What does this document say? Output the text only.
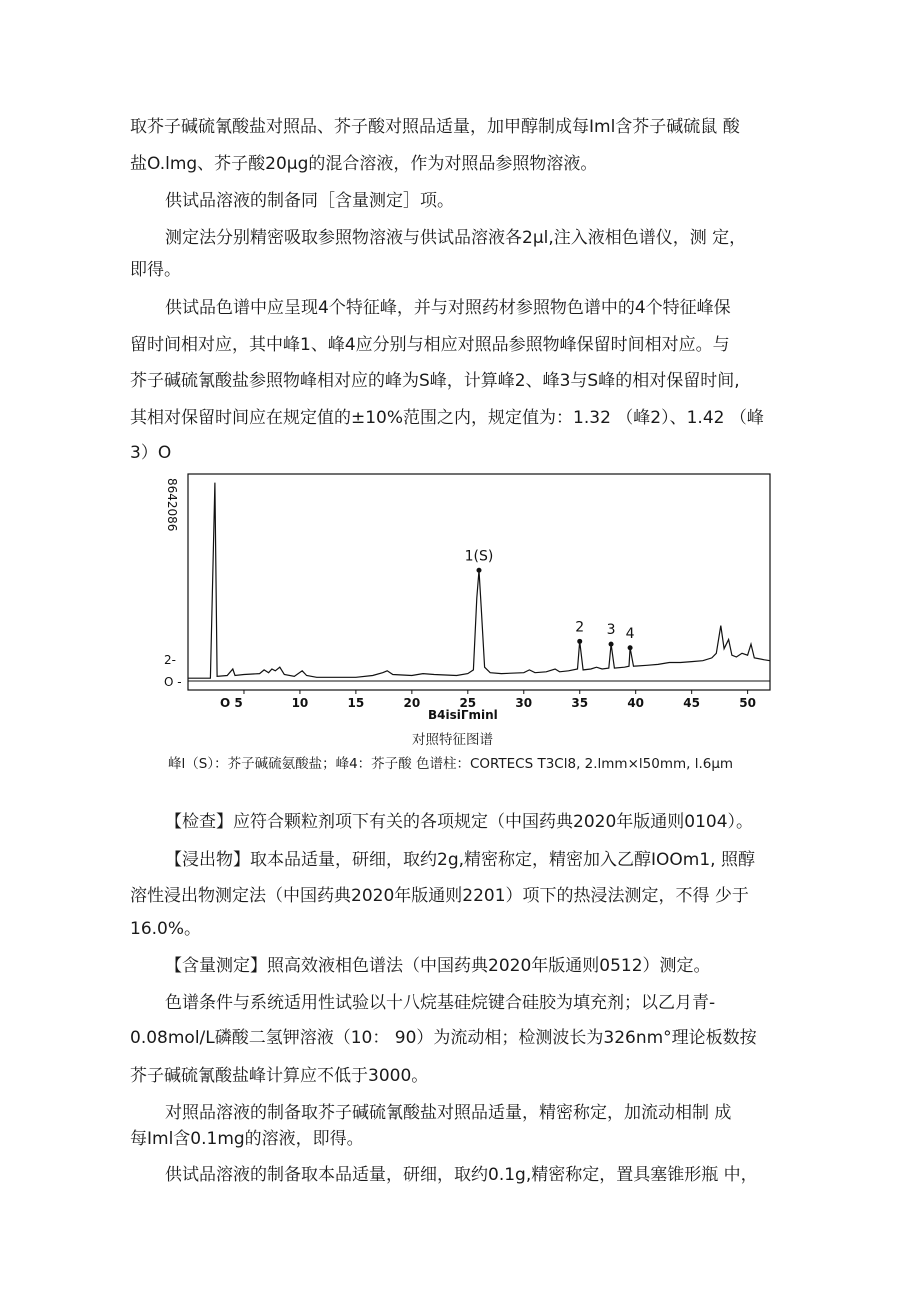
取芥子碱硫氰酸盐对照品、芥子酸对照品适量，加甲醇制成每Iml含芥子碱硫鼠 酸
盐O.lmg、芥子酸20μg的混合溶液，作为对照品参照物溶液。
供试品溶液的制备同［含量测定］项。
测定法分别精密吸取参照物溶液与供试品溶液各2μl,注入液相色谱仪，测 定，
即得。
供试品色谱中应呈现4个特征峰，并与对照药材参照物色谱中的4个特征峰保
留时间相对应，其中峰1、峰4应分别与相应对照品参照物峰保留时间相对应。与
芥子碱硫氰酸盐参照物峰相对应的峰为S峰，计算峰2、峰3与S峰的相对保留时间,
其相对保留时间应在规定值的±10%范围之内，规定值为：1.32 （峰2）、1.42 （峰
3）O
8642086
2-
O -
O 5	10	15	20	25	30	35	40	45	50
1(S)
2 3 4
B4isiΓminl
对照特征图谱
峰l（S）：芥子碱硫氨酸盐；峰4：芥子酸 色谱柱：CORTECS T3Cl8, 2.lmm×l50mm, l.6μm
【检查】应符合颗粒剂项下有关的各项规定（中国药典2020年版通则0104）。
【浸出物】取本品适量，研细，取约2g,精密称定，精密加入乙醇IOOm1, 照醇
溶性浸出物测定法（中国药典2020年版通则2201）项下的热浸法测定，不得 少于
16.0%。
【含量测定】照高效液相色谱法（中国药典2020年版通则0512）测定。
色谱条件与系统适用性试验以十八烷基硅烷键合硅胶为填充剂；以乙月青-
0.08mol/L磷酸二氢钾溶液（10： 90）为流动相；检测波长为326nm°理论板数按
芥子碱硫氰酸盐峰计算应不低于3000。
对照品溶液的制备取芥子碱硫氰酸盐对照品适量，精密称定，加流动相制 成
每Iml含0.1mg的溶液，即得。
供试品溶液的制备取本品适量，研细，取约0.1g,精密称定，置具塞锥形瓶 中，
